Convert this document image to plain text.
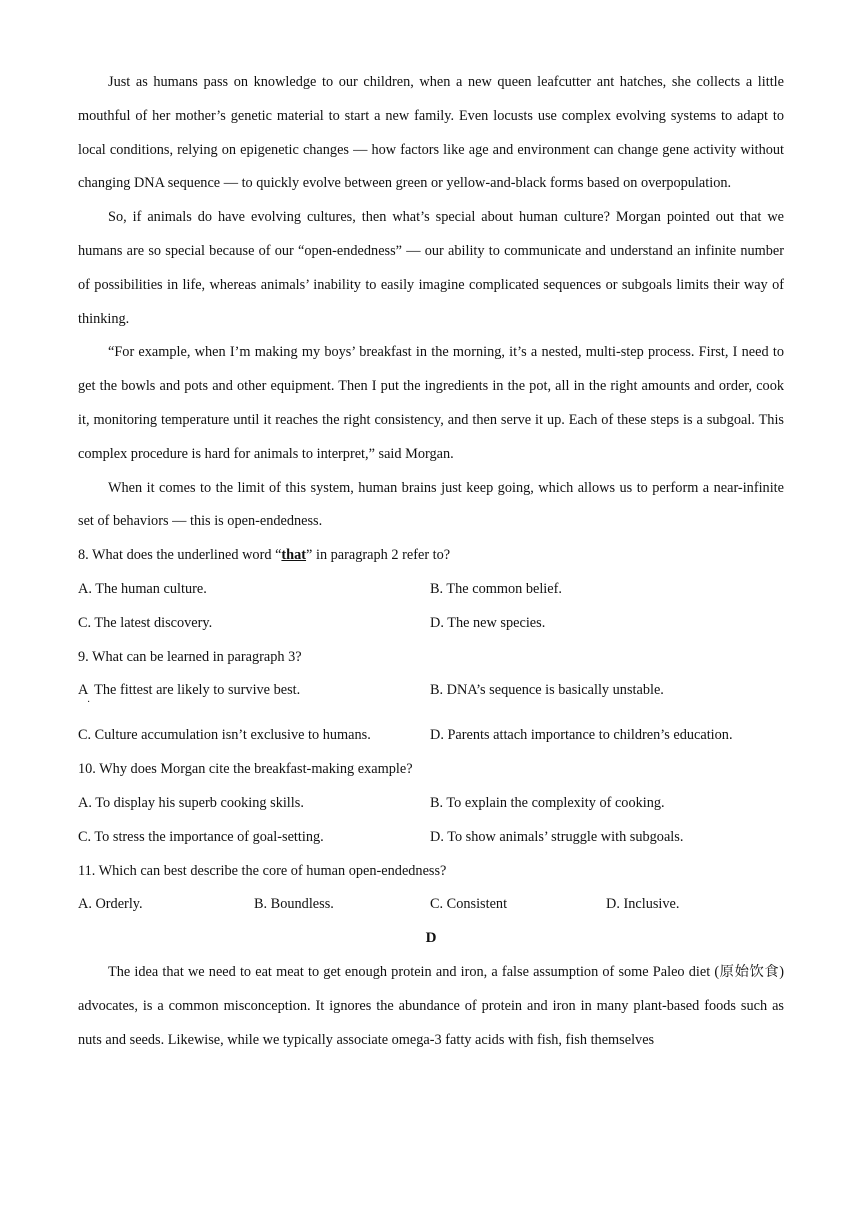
Just as humans pass on knowledge to our children, when a new queen leafcutter ant hatches, she collects a little mouthful of her mother’s genetic material to start a new family. Even locusts use complex evolving systems to adapt to local conditions, relying on epigenetic changes — how factors like age and environment can change gene activity without changing DNA sequence — to quickly evolve between green or yellow-and-black forms based on overpopulation.

So, if animals do have evolving cultures, then what’s special about human culture? Morgan pointed out that we humans are so special because of our “open-endedness” — our ability to communicate and understand an infinite number of possibilities in life, whereas animals’ inability to easily imagine complicated sequences or subgoals limits their way of thinking.

“For example, when I’m making my boys’ breakfast in the morning, it’s a nested, multi-step process. First, I need to get the bowls and pots and other equipment. Then I put the ingredients in the pot, all in the right amounts and order, cook it, monitoring temperature until it reaches the right consistency, and then serve it up. Each of these steps is a subgoal. This complex procedure is hard for animals to interpret,” said Morgan.

When it comes to the limit of this system, human brains just keep going, which allows us to perform a near-infinite set of behaviors — this is open-endedness.

8. What does the underlined word “that” in paragraph 2 refer to?
A. The human culture.	B. The common belief.
C. The latest discovery.	D. The new species.
9. What can be learned in paragraph 3?
$A_.$ The fittest are likely to survive best.	B. DNA’s sequence is basically unstable.
C. Culture accumulation isn’t exclusive to humans.	D. Parents attach importance to children’s education.
10. Why does Morgan cite the breakfast-making example?
A. To display his superb cooking skills.	B. To explain the complexity of cooking.
C. To stress the importance of goal-setting.	D. To show animals’ struggle with subgoals.
11. Which can best describe the core of human open-endedness?
A. Orderly.	B. Boundless.	C. Consistent	D. Inclusive.
D

The idea that we need to eat meat to get enough protein and iron, a false assumption of some Paleo diet (原始饮食) advocates, is a common misconception. It ignores the abundance of protein and iron in many plant-based foods such as nuts and seeds. Likewise, while we typically associate omega-3 fatty acids with fish, fish themselves
